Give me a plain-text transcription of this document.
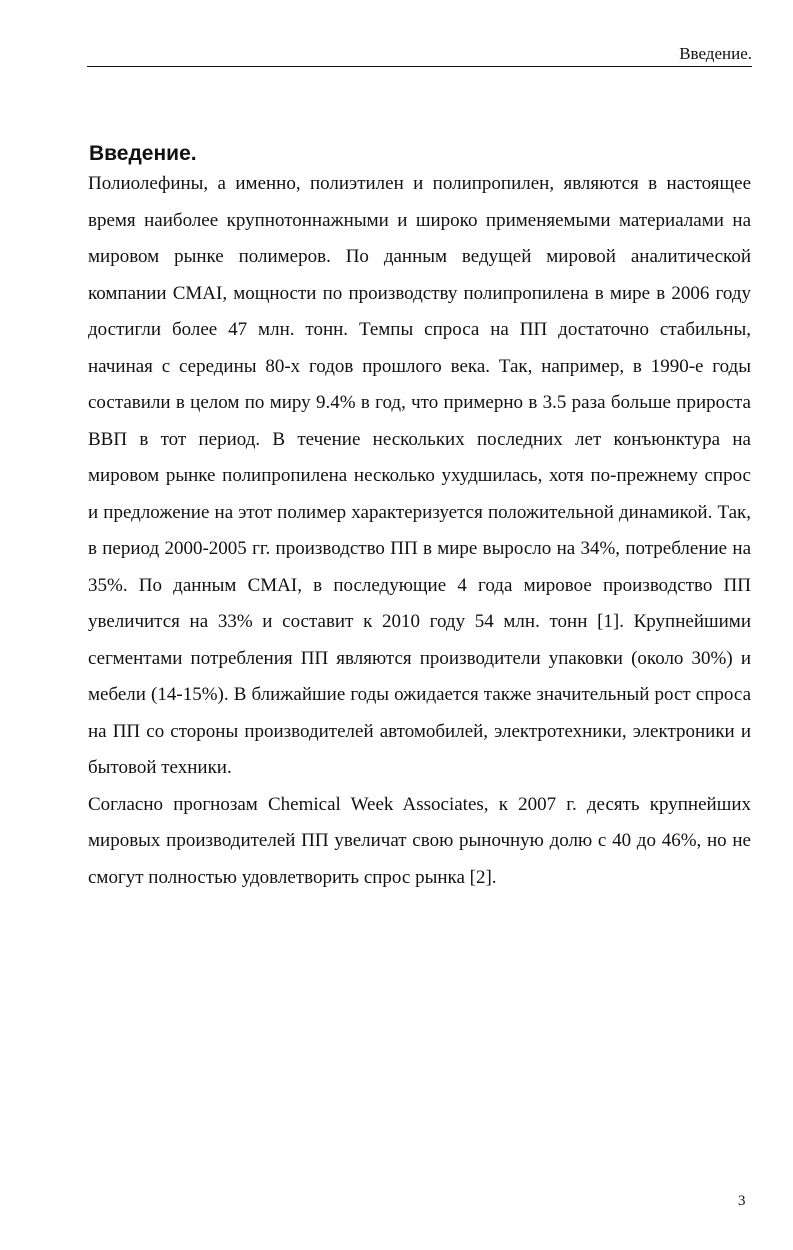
Введение.
Введение.

Полиолефины, а именно, полиэтилен и полипропилен, являются в настоящее время наиболее крупнотоннажными и широко применяемыми материалами на мировом рынке полимеров. По данным ведущей мировой аналитической компании CMAI, мощности по производству полипропилена в мире в 2006 году достигли более 47 млн. тонн. Темпы спроса на ПП достаточно стабильны, начиная с середины 80-х годов прошлого века. Так, например, в 1990-е годы составили в целом по миру 9.4% в год, что примерно в 3.5 раза больше прироста ВВП в тот период. В течение нескольких последних лет конъюнктура на мировом рынке полипропилена несколько ухудшилась, хотя по-прежнему спрос и предложение на этот полимер характеризуется положительной динамикой. Так, в период 2000-2005 гг. производство ПП в мире выросло на 34%, потребление на 35%. По данным CMAI, в последующие 4 года мировое производство ПП увеличится на 33% и составит к 2010 году 54 млн. тонн [1]. Крупнейшими сегментами потребления ПП являются производители упаковки (около 30%) и мебели (14-15%). В ближайшие годы ожидается также значительный рост спроса на ПП со стороны производителей автомобилей, электротехники, электроники и бытовой техники.

Согласно прогнозам Chemical Week Associates, к 2007 г. десять крупнейших мировых производителей ПП увеличат свою рыночную долю с 40 до 46%, но не смогут полностью удовлетворить спрос рынка [2].

3
